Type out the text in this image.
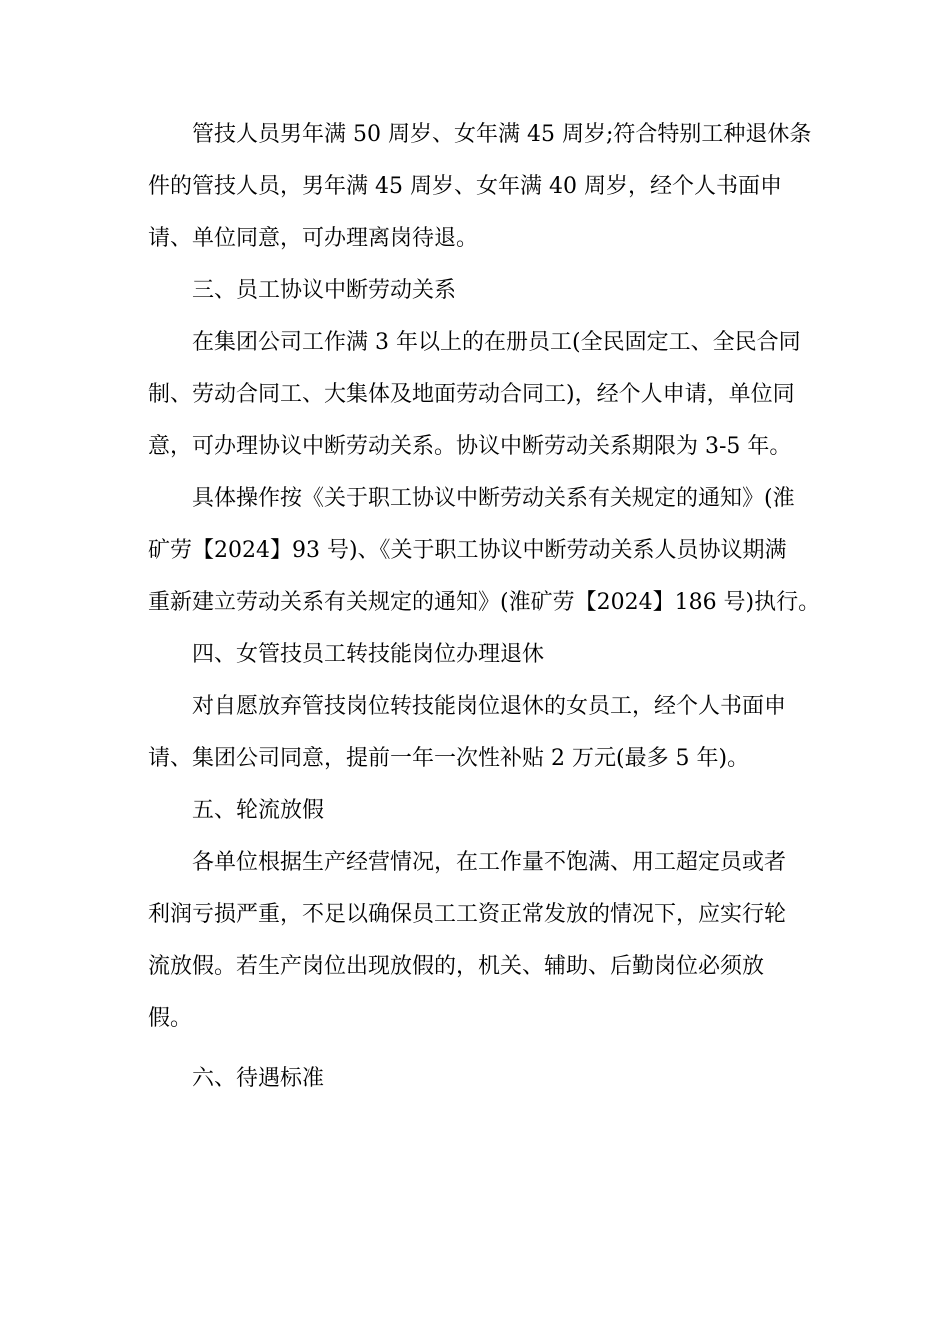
管技人员男年满 50 周岁、女年满 45 周岁;符合特别工种退休条
件的管技人员，男年满 45 周岁、女年满 40 周岁，经个人书面申
请、单位同意，可办理离岗待退。
三、员工协议中断劳动关系
在集团公司工作满 3 年以上的在册员工(全民固定工、全民合同
制、劳动合同工、大集体及地面劳动合同工)，经个人申请，单位同
意，可办理协议中断劳动关系。协议中断劳动关系期限为 3-5 年。
具体操作按《关于职工协议中断劳动关系有关规定的通知》(淮
矿劳【2024】93 号)、《关于职工协议中断劳动关系人员协议期满
重新建立劳动关系有关规定的通知》(淮矿劳【2024】186 号)执行。
四、女管技员工转技能岗位办理退休
对自愿放弃管技岗位转技能岗位退休的女员工，经个人书面申
请、集团公司同意，提前一年一次性补贴 2 万元(最多 5 年)。
五、轮流放假
各单位根据生产经营情况，在工作量不饱满、用工超定员或者
利润亏损严重，不足以确保员工工资正常发放的情况下，应实行轮
流放假。若生产岗位出现放假的，机关、辅助、后勤岗位必须放
假。
六、待遇标准
